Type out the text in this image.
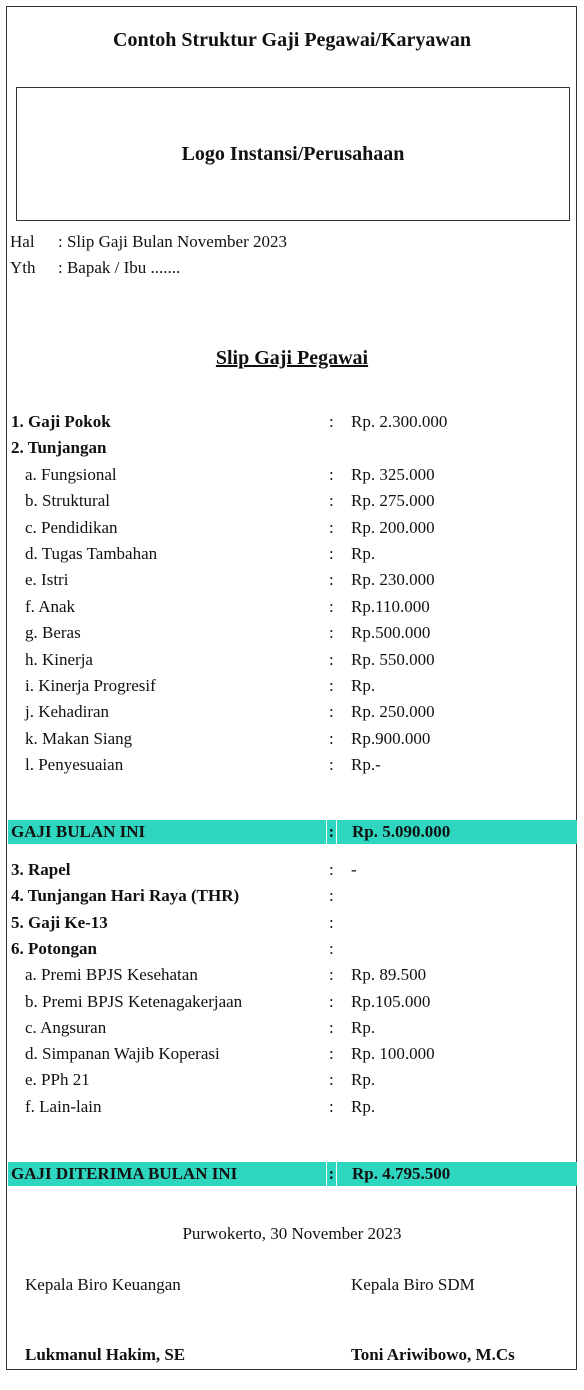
Contoh Struktur Gaji Pegawai/Karyawan
Logo Instansi/Perusahaan
Hal : Slip Gaji Bulan November 2023
Yth : Bapak / Ibu .......
Slip Gaji Pegawai
1. Gaji Pokok	: Rp. 2.300.000
2. Tunjangan
a. Fungsional	: Rp. 325.000
b. Struktural	: Rp. 275.000
c. Pendidikan	: Rp. 200.000
d. Tugas Tambahan	: Rp.
e. Istri	: Rp. 230.000
f. Anak	: Rp.110.000
g. Beras	: Rp.500.000
h. Kinerja	: Rp. 550.000
i. Kinerja Progresif	: Rp.
j. Kehadiran	: Rp. 250.000
k. Makan Siang	: Rp.900.000
l. Penyesuaian	: Rp.-
GAJI BULAN INI	: Rp. 5.090.000
3. Rapel	: -
4. Tunjangan Hari Raya (THR)	:
5. Gaji Ke-13	:
6. Potongan	:
a. Premi BPJS Kesehatan	: Rp. 89.500
b. Premi BPJS Ketenagakerjaan	: Rp.105.000
c. Angsuran	: Rp.
d. Simpanan Wajib Koperasi	: Rp. 100.000
e. PPh 21	: Rp.
f. Lain-lain	: Rp.
GAJI DITERIMA BULAN INI	: Rp. 4.795.500
Purwokerto, 30 November 2023
Kepala Biro Keuangan	Kepala Biro SDM
Lukmanul Hakim, SE	Toni Ariwibowo, M.Cs
